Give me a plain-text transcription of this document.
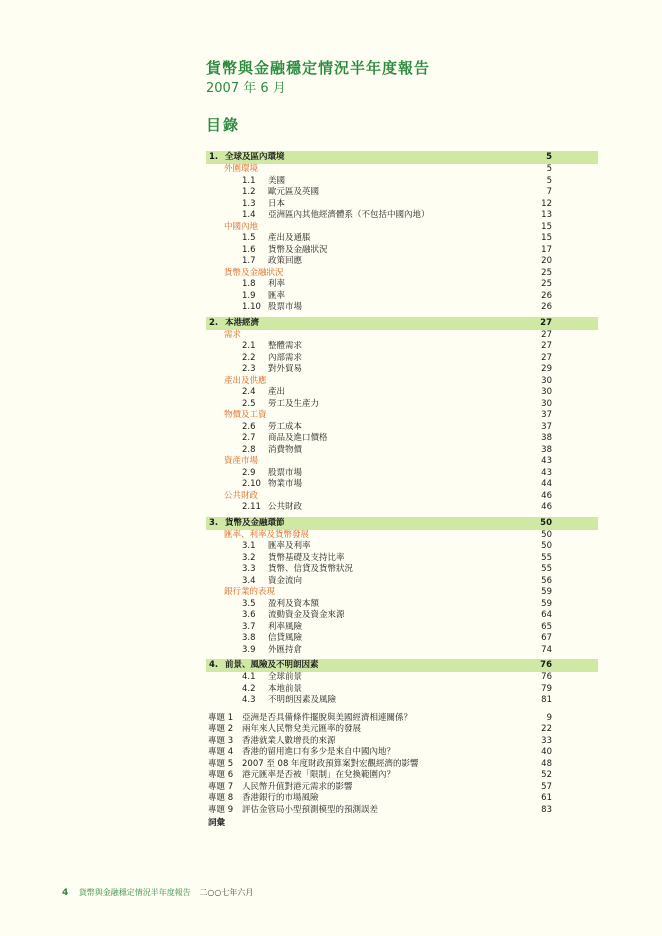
貨幣與金融穩定情況半年度報告
2007 年 6 月
目錄
1. 全球及區內環境	5
外圍環境	5
1.1 美國	5
1.2 歐元區及英國	7
1.3 日本	12
1.4 亞洲區內其他經濟體系（不包括中國內地）	13
中國內地	15
1.5 產出及通脹	15
1.6 貨幣及金融狀況	17
1.7 政策回應	20
貨幣及金融狀況	25
1.8 利率	25
1.9 匯率	26
1.10 股票市場	26
2. 本港經濟	27
需求	27
2.1 整體需求	27
2.2 內部需求	27
2.3 對外貿易	29
產出及供應	30
2.4 產出	30
2.5 勞工及生產力	30
物價及工資	37
2.6 勞工成本	37
2.7 商品及進口價格	38
2.8 消費物價	38
資產市場	43
2.9 股票市場	43
2.10 物業市場	44
公共財政	46
2.11 公共財政	46
3. 貨幣及金融環節	50
匯率、利率及貨幣發展	50
3.1 匯率及利率	50
3.2 貨幣基礎及支持比率	55
3.3 貨幣、信貸及貨幣狀況	55
3.4 資金流向	56
銀行業的表現	59
3.5 盈利及資本額	59
3.6 流動資金及資金來源	64
3.7 利率風險	65
3.8 信貸風險	67
3.9 外匯持倉	74
4. 前景、風險及不明朗因素	76
4.1 全球前景	76
4.2 本地前景	79
4.3 不明朗因素及風險	81
專題 1 亞洲是否具備條件擺脫與美國經濟相連關係？	9
專題 2 兩年來人民幣兌美元匯率的發展	22
專題 3 香港就業人數增長的來源	33
專題 4 香港的留用進口有多少是來自中國內地？	40
專題 5 2007 至 08 年度財政預算案對宏觀經濟的影響	48
專題 6 港元匯率是否被「限制」在兌換範圍內？	52
專題 7 人民幣升值對港元需求的影響	57
專題 8 香港銀行的市場風險	61
專題 9 評估金管局小型預測模型的預測誤差	83
詞彙
4 貨幣與金融穩定情況半年度報告 二○○七年六月
